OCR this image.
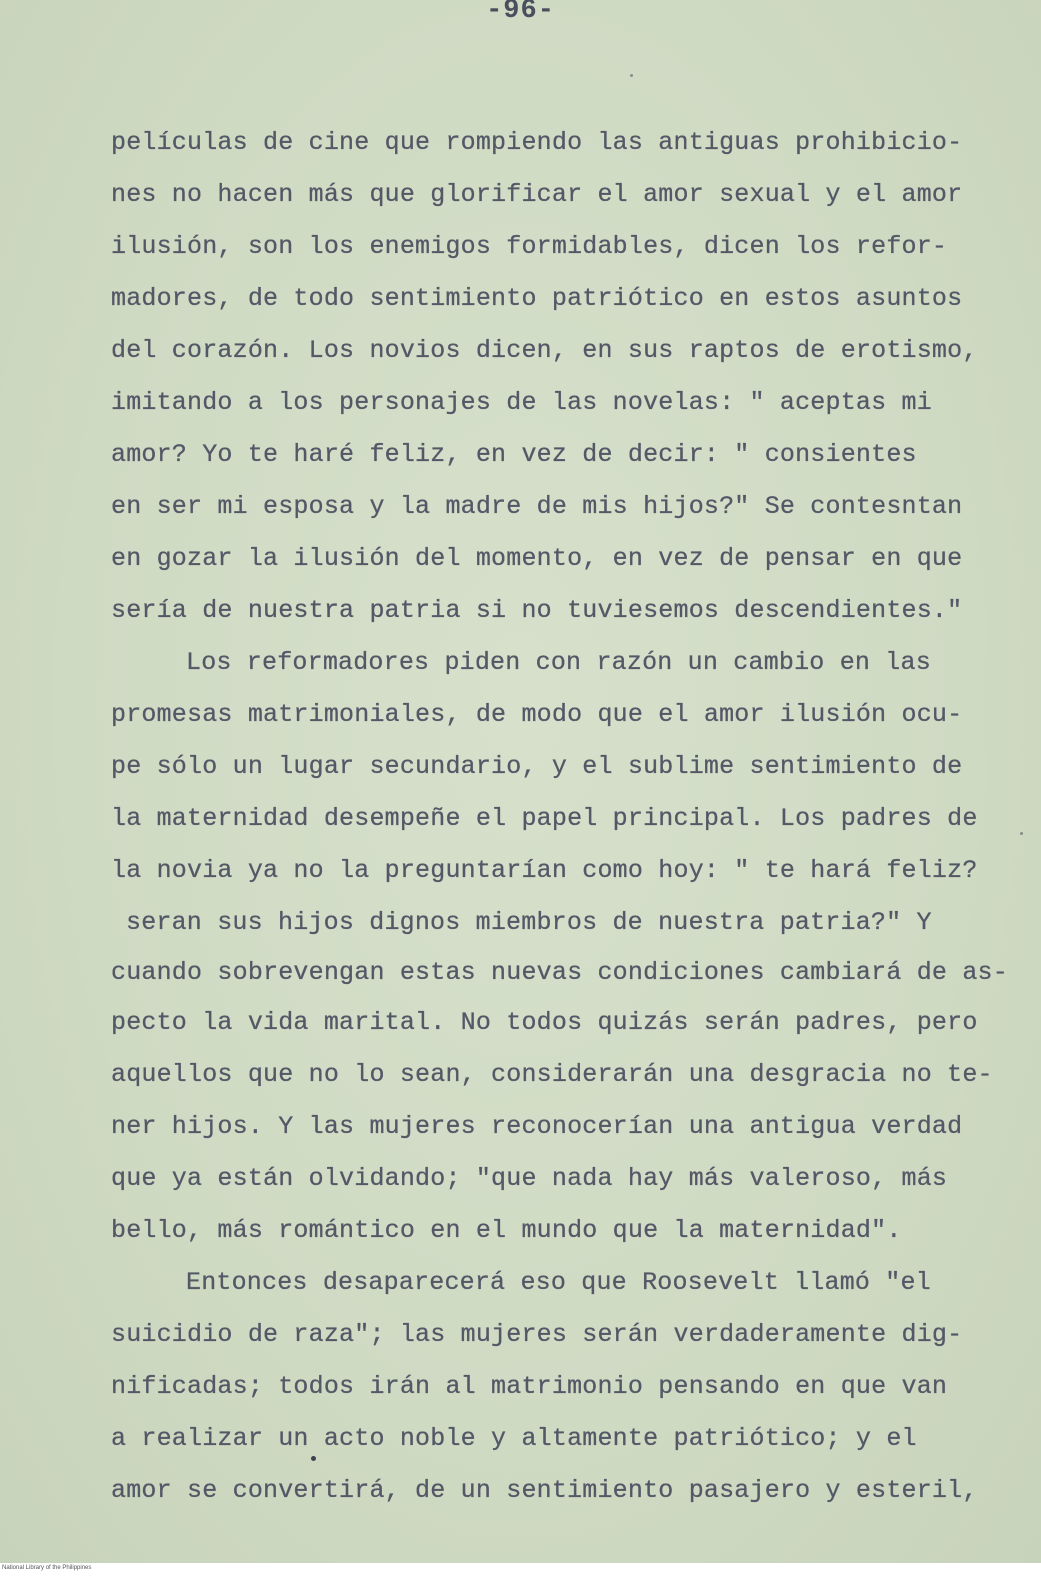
-96-
películas de cine que rompiendo las antiguas prohibicio-
nes no hacen más que glorificar el amor sexual y el amor
ilusión, son los enemigos formidables, dicen los refor-
madores, de todo sentimiento patriótico en estos asuntos
del corazón. Los novios dicen, en sus raptos de erotismo,
imitando a los personajes de las novelas: " aceptas mi
amor? Yo te haré feliz, en vez de decir: " consientes
en ser mi esposa y la madre de mis hijos?" Se contesntan
en gozar la ilusión del momento, en vez de pensar en que
sería de nuestra patria si no tuviesemos descendientes."
Los reformadores piden con razón un cambio en las
promesas matrimoniales, de modo que el amor ilusión ocu-
pe sólo un lugar secundario, y el sublime sentimiento de
la maternidad desempeñe el papel principal. Los padres de
la novia ya no la preguntarían como hoy: " te hará feliz?
seran sus hijos dignos miembros de nuestra patria?" Y
cuando sobrevengan estas nuevas condiciones cambiará de as-
pecto la vida marital. No todos quizás serán padres, pero
aquellos que no lo sean, considerarán una desgracia no te-
ner hijos. Y las mujeres reconocerían una antigua verdad
que ya están olvidando; "que nada hay más valeroso, más
bello, más romántico en el mundo que la maternidad".
Entonces desaparecerá eso que Roosevelt llamó "el
suicidio de raza"; las mujeres serán verdaderamente dig-
nificadas; todos irán al matrimonio pensando en que van
a realizar un acto noble y altamente patriótico; y el
amor se convertirá, de un sentimiento pasajero y esteril,
National Library of the Philippines
